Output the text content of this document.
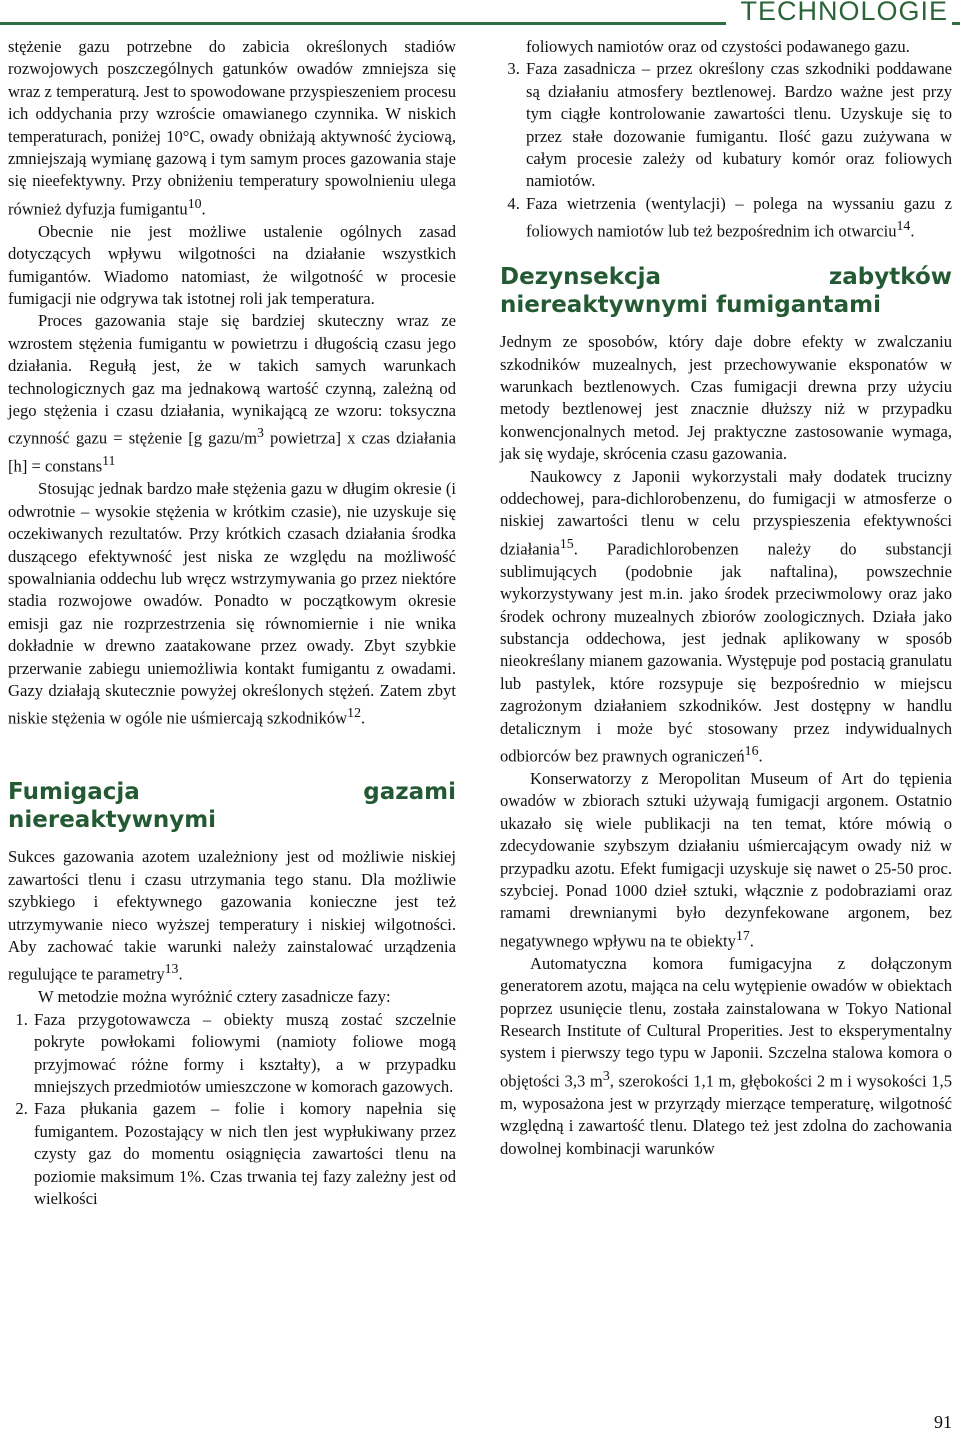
TECHNOLOGIE

stężenie gazu potrzebne do zabicia określonych stadiów rozwojowych poszczególnych gatunków owadów zmniejsza się wraz z temperaturą. Jest to spowodowane przyspieszeniem procesu ich oddychania przy wzroście omawianego czynnika. W niskich temperaturach, poniżej 10°C, owady obniżają aktywność życiową, zmniejszają wymianę gazową i tym samym proces gazowania staje się nieefektywny. Przy obniżeniu temperatury spowolnieniu ulega również dyfuzja fumigantu$^{10}$.

Obecnie nie jest możliwe ustalenie ogólnych zasad dotyczących wpływu wilgotności na działanie wszystkich fumigantów. Wiadomo natomiast, że wilgotność w procesie fumigacji nie odgrywa tak istotnej roli jak temperatura.

Proces gazowania staje się bardziej skuteczny wraz ze wzrostem stężenia fumigantu w powietrzu i długością czasu jego działania. Regułą jest, że w takich samych warunkach technologicznych gaz ma jednakową wartość czynną, zależną od jego stężenia i czasu działania, wynikającą ze wzoru: toksyczna czynność gazu = stężenie [g gazu/$m^3$ powietrza] x czas działania [h] = constans$^{11}$

Stosując jednak bardzo małe stężenia gazu w długim okresie (i odwrotnie – wysokie stężenia w krótkim czasie), nie uzyskuje się oczekiwanych rezultatów. Przy krótkich czasach działania środka duszącego efektywność jest niska ze względu na możliwość spowalniania oddechu lub wręcz wstrzymywania go przez niektóre stadia rozwojowe owadów. Ponadto w początkowym okresie emisji gaz nie rozprzestrzenia się równomiernie i nie wnika dokładnie w drewno zaatakowane przez owady. Zbyt szybkie przerwanie zabiegu uniemożliwia kontakt fumigantu z owadami. Gazy działają skutecznie powyżej określonych stężeń. Zatem zbyt niskie stężenia w ogóle nie uśmiercają szkodników$^{12}$.

Fumigacja gazami niereaktywnymi

Sukces gazowania azotem uzależniony jest od możliwie niskiej zawartości tlenu i czasu utrzymania tego stanu. Dla możliwie szybkiego i efektywnego gazowania konieczne jest też utrzymywanie nieco wyższej temperatury i niskiej wilgotności. Aby zachować takie warunki należy zainstalować urządzenia regulujące te parametry$^{13}$.

W metodzie można wyróżnić cztery zasadnicze fazy:

1. Faza przygotowawcza – obiekty muszą zostać szczelnie pokryte powłokami foliowymi (namioty foliowe mogą przyjmować różne formy i kształty), a w przypadku mniejszych przedmiotów umieszczone w komorach gazowych.
2. Faza płukania gazem – folie i komory napełnia się fumigantem. Pozostający w nich tlen jest wypłukiwany przez czysty gaz do momentu osiągnięcia zawartości tlenu na poziomie maksimum 1%. Czas trwania tej fazy zależny jest od wielkości
foliowych namiotów oraz od czystości podawanego gazu.
3. Faza zasadnicza – przez określony czas szkodniki poddawane są działaniu atmosfery beztlenowej. Bardzo ważne jest przy tym ciągłe kontrolowanie zawartości tlenu. Uzyskuje się to przez stałe dozowanie fumigantu. Ilość gazu zużywana w całym procesie zależy od kubatury komór oraz foliowych namiotów.
4. Faza wietrzenia (wentylacji) – polega na wyssaniu gazu z foliowych namiotów lub też bezpośrednim ich otwarciu$^{14}$.
Dezynsekcja zabytków niereaktywnymi fumigantami

Jednym ze sposobów, który daje dobre efekty w zwalczaniu szkodników muzealnych, jest przechowywanie eksponatów w warunkach beztlenowych. Czas fumigacji drewna przy użyciu metody beztlenowej jest znacznie dłuższy niż w przypadku konwencjonalnych metod. Jej praktyczne zastosowanie wymaga, jak się wydaje, skrócenia czasu gazowania.

Naukowcy z Japonii wykorzystali mały dodatek trucizny oddechowej, para-dichlorobenzenu, do fumigacji w atmosferze o niskiej zawartości tlenu w celu przyspieszenia efektywności działania$^{15}$. Paradichlorobenzen należy do substancji sublimujących (podobnie jak naftalina), powszechnie wykorzystywany jest m.in. jako środek przeciwmolowy oraz jako środek ochrony muzealnych zbiorów zoologicznych. Działa jako substancja oddechowa, jest jednak aplikowany w sposób nieokreślany mianem gazowania. Występuje pod postacią granulatu lub pastylek, które rozsypuje się bezpośrednio w miejscu zagrożonym działaniem szkodników. Jest dostępny w handlu detalicznym i może być stosowany przez indywidualnych odbiorców bez prawnych ograniczeń$^{16}$.

Konserwatorzy z Meropolitan Museum of Art do tępienia owadów w zbiorach sztuki używają fumigacji argonem. Ostatnio ukazało się wiele publikacji na ten temat, które mówią o zdecydowanie szybszym działaniu uśmiercającym owady niż w przypadku azotu. Efekt fumigacji uzyskuje się nawet o 25-50 proc. szybciej. Ponad 1000 dzieł sztuki, włącznie z podobraziami oraz ramami drewnianymi było dezynfekowane argonem, bez negatywnego wpływu na te obiekty$^{17}$.

Automatyczna komora fumigacyjna z dołączonym generatorem azotu, mająca na celu wytępienie owadów w obiektach poprzez usunięcie tlenu, została zainstalowana w Tokyo National Research Institute of Cultural Properities. Jest to eksperymentalny system i pierwszy tego typu w Japonii. Szczelna stalowa komora o objętości 3,3 $m^3$, szerokości 1,1 m, głębokości 2 m i wysokości 1,5 m, wyposażona jest w przyrządy mierzące temperaturę, wilgotność względną i zawartość tlenu. Dlatego też jest zdolna do zachowania dowolnej kombinacji warunków

91
